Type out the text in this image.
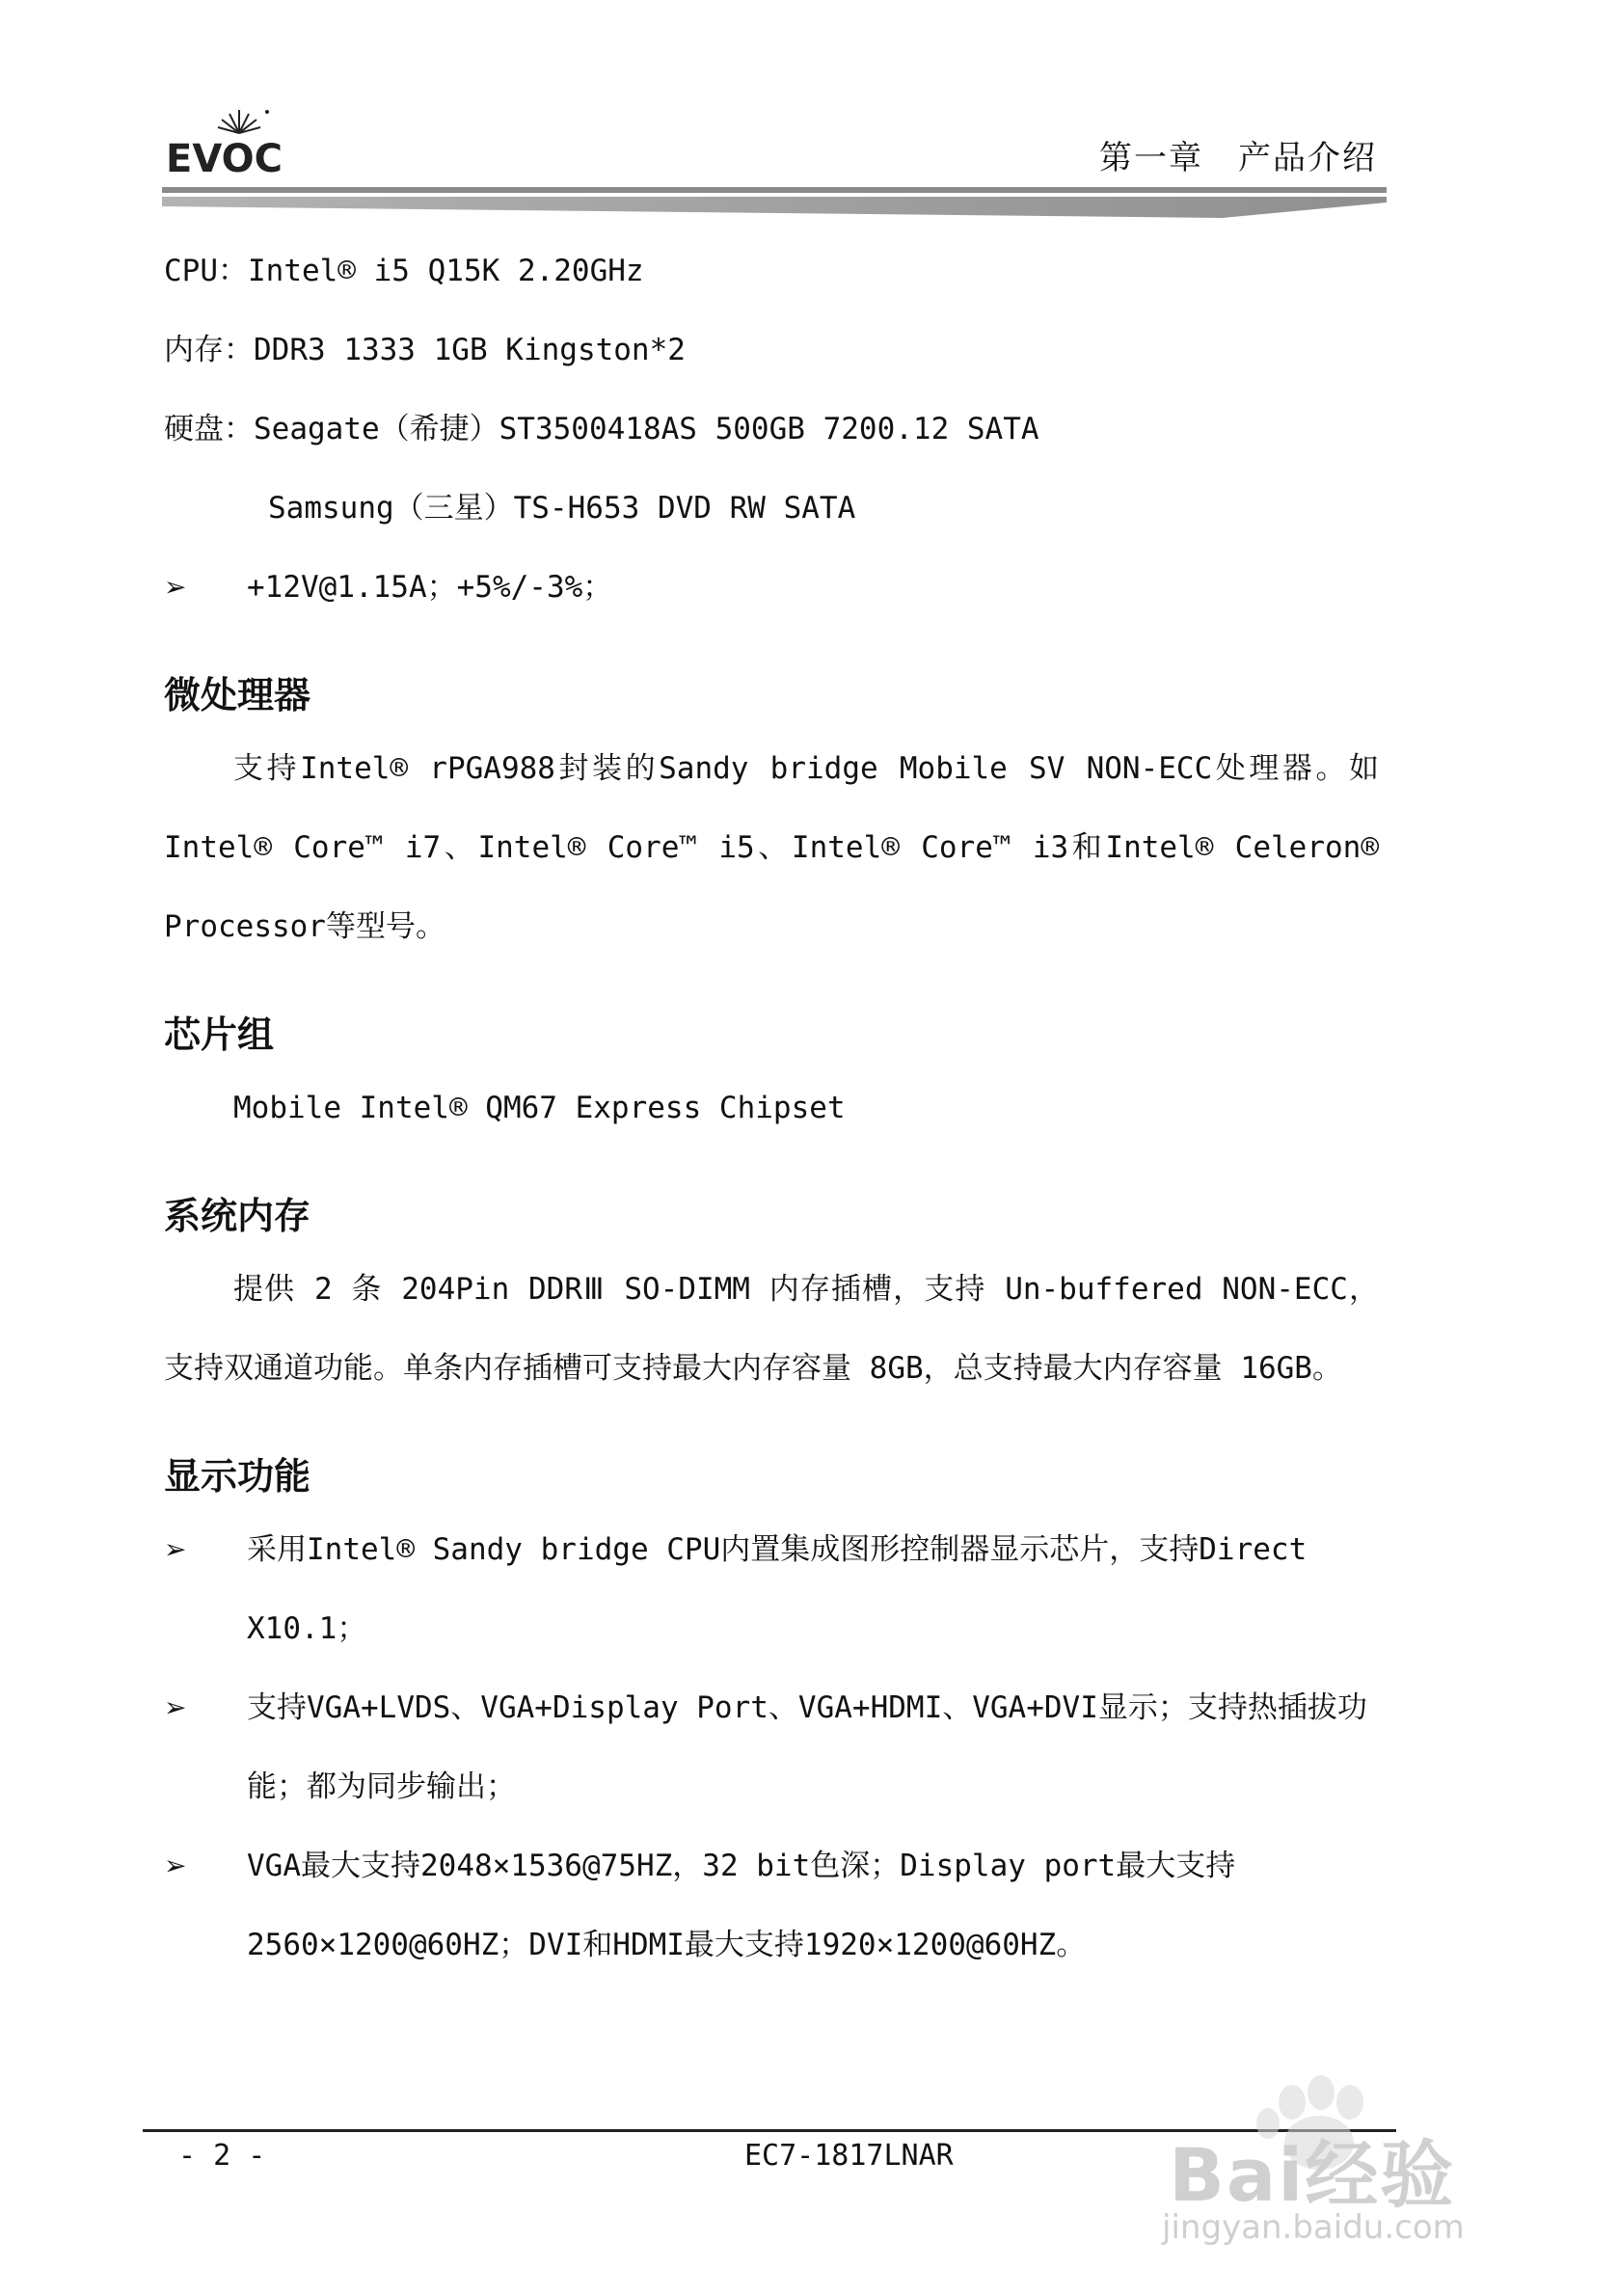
EVOC	第一章　产品介绍
CPU：Intel® i5 Q15K 2.20GHz
内存：DDR3 1333 1GB Kingston*2
硬盘：Seagate（希捷）ST3500418AS 500GB 7200.12 SATA
Samsung（三星）TS-H653 DVD RW SATA
➢	+12V@1.15A；+5%/-3%；
微处理器
支持Intel® rPGA988封装的Sandy bridge Mobile SV NON-ECC处理器。如Intel® Core™ i7、Intel® Core™ i5、Intel® Core™ i3和Intel® Celeron® Processor等型号。
芯片组
Mobile Intel® QM67 Express Chipset
系统内存
提供 2 条 204Pin DDRⅢ SO-DIMM 内存插槽，支持 Un-buffered NON-ECC，支持双通道功能。单条内存插槽可支持最大内存容量 8GB，总支持最大内存容量 16GB。
显示功能
➢	采用Intel® Sandy bridge CPU内置集成图形控制器显示芯片，支持Direct X10.1；
➢	支持VGA+LVDS、VGA+Display Port、VGA+HDMI、VGA+DVI显示；支持热插拔功能；都为同步输出；
➢	VGA最大支持2048×1536@75HZ，32 bit色深；Display port最大支持2560×1200@60HZ；DVI和HDMI最大支持1920×1200@60HZ。
- 2 -	EC7-1817LNAR	Bai经验
jingyan.baidu.com
